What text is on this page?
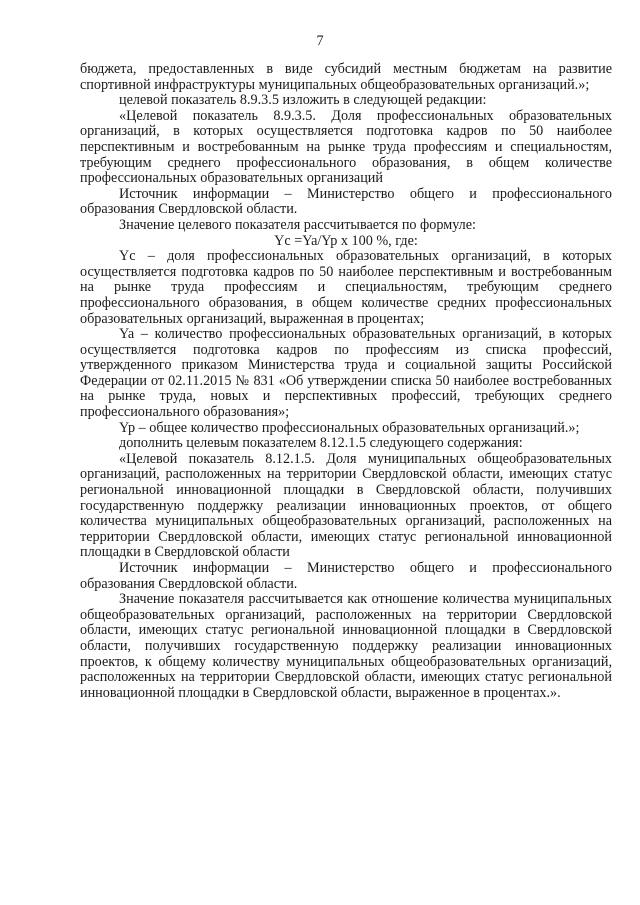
7

бюджета, предоставленных в виде субсидий местным бюджетам на развитие спортивной инфраструктуры муниципальных общеобразовательных организаций.»;

целевой показатель 8.9.3.5 изложить в следующей редакции:

«Целевой показатель 8.9.3.5. Доля профессиональных образовательных организаций, в которых осуществляется подготовка кадров по 50 наиболее перспективным и востребованным на рынке труда профессиям и специальностям, требующим среднего профессионального образования, в общем количестве профессиональных образовательных организаций

Источник информации – Министерство общего и профессионального образования Свердловской области.

Значение целевого показателя рассчитывается по формуле:

Yc =Ya/Yp х 100 %, где:

Yc – доля профессиональных образовательных организаций, в которых осуществляется подготовка кадров по 50 наиболее перспективным и востребованным на рынке труда профессиям и специальностям, требующим среднего профессионального образования, в общем количестве средних профессиональных образовательных организаций, выраженная в процентах;

Ya – количество профессиональных образовательных организаций, в которых осуществляется подготовка кадров по профессиям из списка профессий, утвержденного приказом Министерства труда и социальной защиты Российской Федерации от 02.11.2015 № 831 «Об утверждении списка 50 наиболее востребованных на рынке труда, новых и перспективных профессий, требующих среднего профессионального образования»;

Yp – общее количество профессиональных образовательных организаций.»;

дополнить целевым показателем 8.12.1.5 следующего содержания:

«Целевой показатель 8.12.1.5. Доля муниципальных общеобразовательных организаций, расположенных на территории Свердловской области, имеющих статус региональной инновационной площадки в Свердловской области, получивших государственную поддержку реализации инновационных проектов, от общего количества муниципальных общеобразовательных организаций, расположенных на территории Свердловской области, имеющих статус региональной инновационной площадки в Свердловской области

Источник информации – Министерство общего и профессионального образования Свердловской области.

Значение показателя рассчитывается как отношение количества муниципальных общеобразовательных организаций, расположенных на территории Свердловской области, имеющих статус региональной инновационной площадки в Свердловской области, получивших государственную поддержку реализации инновационных проектов, к общему количеству муниципальных общеобразовательных организаций, расположенных на территории Свердловской области, имеющих статус региональной инновационной площадки в Свердловской области, выраженное в процентах.».
